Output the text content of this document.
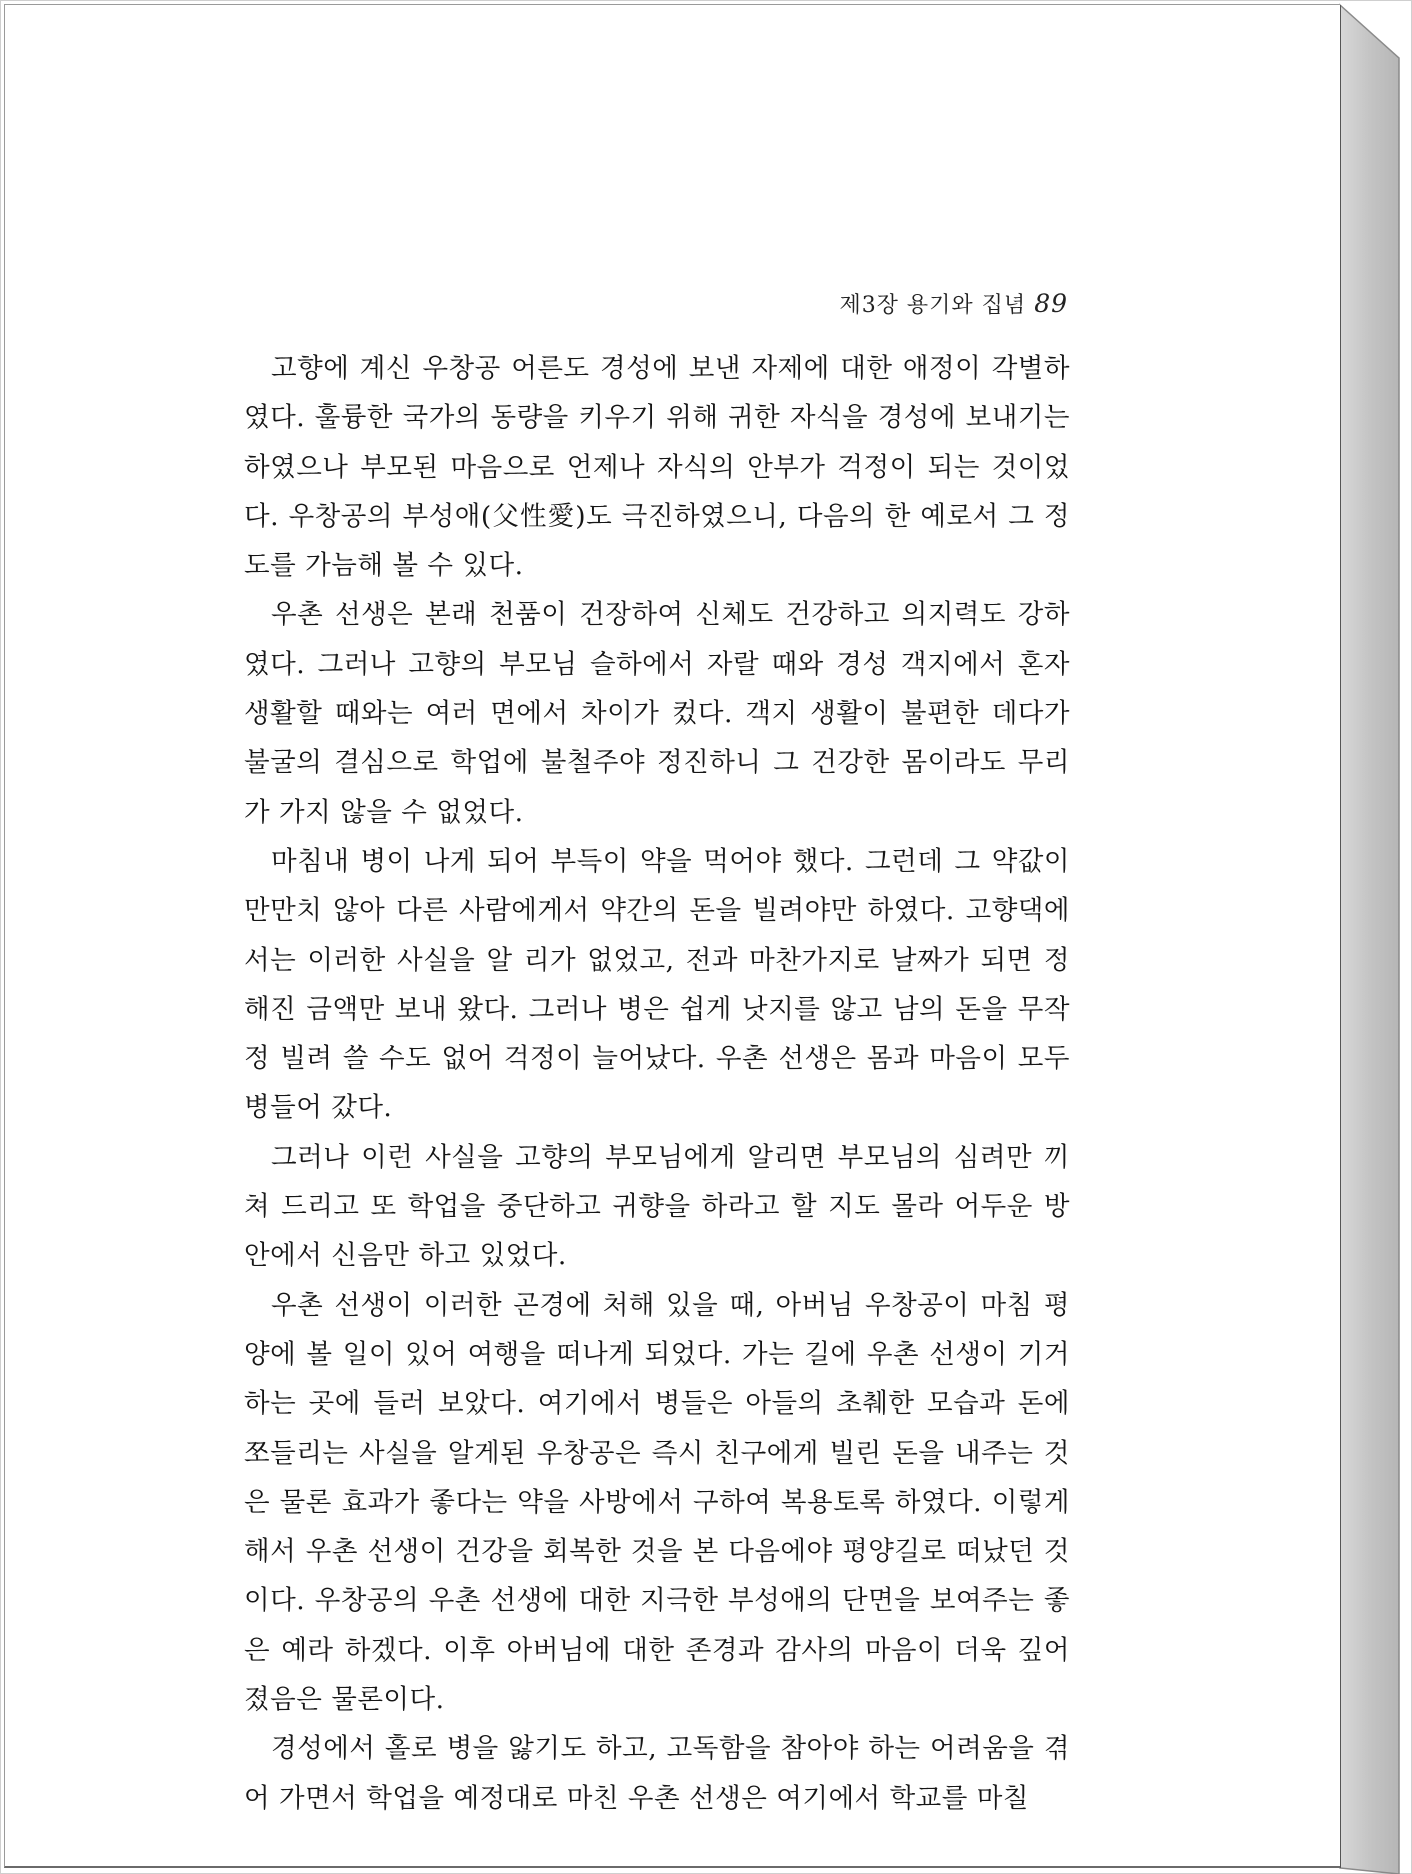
제3장 용기와 집념 89

고향에 계신 우창공 어른도 경성에 보낸 자제에 대한 애정이 각별하였다. 훌륭한 국가의 동량을 키우기 위해 귀한 자식을 경성에 보내기는 하였으나 부모된 마음으로 언제나 자식의 안부가 걱정이 되는 것이었다. 우창공의 부성애(父性愛)도 극진하였으니, 다음의 한 예로서 그 정도를 가늠해 볼 수 있다.

우촌 선생은 본래 천품이 건장하여 신체도 건강하고 의지력도 강하였다. 그러나 고향의 부모님 슬하에서 자랄 때와 경성 객지에서 혼자 생활할 때와는 여러 면에서 차이가 컸다. 객지 생활이 불편한 데다가 불굴의 결심으로 학업에 불철주야 정진하니 그 건강한 몸이라도 무리가 가지 않을 수 없었다.

마침내 병이 나게 되어 부득이 약을 먹어야 했다. 그런데 그 약값이 만만치 않아 다른 사람에게서 약간의 돈을 빌려야만 하였다. 고향댁에서는 이러한 사실을 알 리가 없었고, 전과 마찬가지로 날짜가 되면 정해진 금액만 보내 왔다. 그러나 병은 쉽게 낫지를 않고 남의 돈을 무작정 빌려 쓸 수도 없어 걱정이 늘어났다. 우촌 선생은 몸과 마음이 모두 병들어 갔다.

그러나 이런 사실을 고향의 부모님에게 알리면 부모님의 심려만 끼쳐 드리고 또 학업을 중단하고 귀향을 하라고 할 지도 몰라 어두운 방안에서 신음만 하고 있었다.

우촌 선생이 이러한 곤경에 처해 있을 때, 아버님 우창공이 마침 평양에 볼 일이 있어 여행을 떠나게 되었다. 가는 길에 우촌 선생이 기거하는 곳에 들러 보았다. 여기에서 병들은 아들의 초췌한 모습과 돈에 쪼들리는 사실을 알게된 우창공은 즉시 친구에게 빌린 돈을 내주는 것은 물론 효과가 좋다는 약을 사방에서 구하여 복용토록 하였다. 이렇게 해서 우촌 선생이 건강을 회복한 것을 본 다음에야 평양길로 떠났던 것이다. 우창공의 우촌 선생에 대한 지극한 부성애의 단면을 보여주는 좋은 예라 하겠다. 이후 아버님에 대한 존경과 감사의 마음이 더욱 깊어졌음은 물론이다.

경성에서 홀로 병을 앓기도 하고, 고독함을 참아야 하는 어려움을 겪어 가면서 학업을 예정대로 마친 우촌 선생은 여기에서 학교를 마칠
